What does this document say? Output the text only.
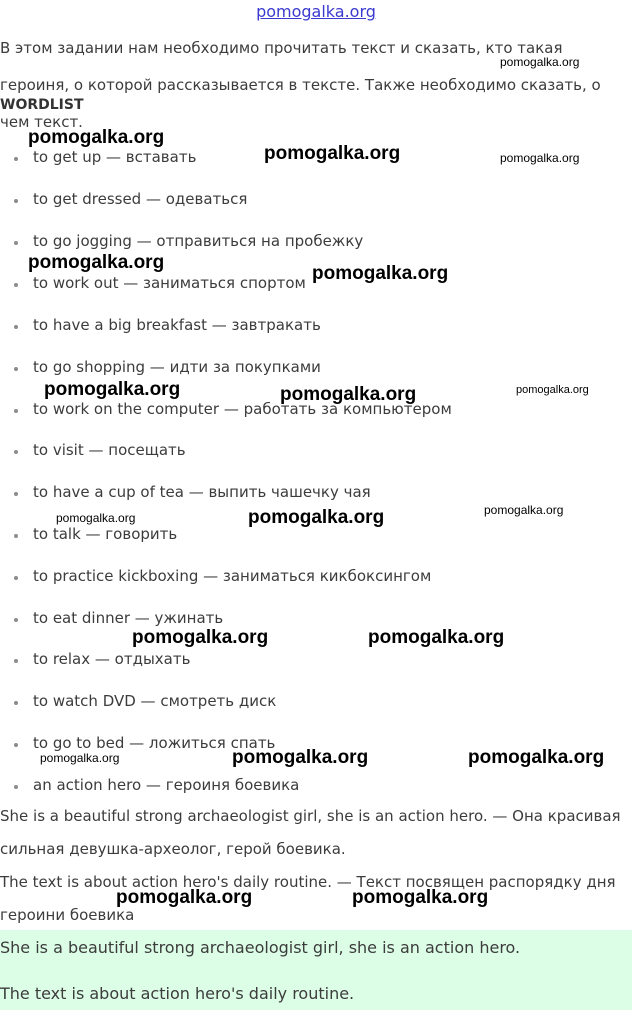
pomogalka.org
В этом задании нам необходимо прочитать текст и сказать, кто такая героиня, о которой рассказывается в тексте. Также необходимо сказать, о чем текст.
WORDLIST
to get up — вставать
to get dressed — одеваться
to go jogging — отправиться на пробежку
to work out — заниматься спортом
to have a big breakfast — завтракать
to go shopping — идти за покупками
to work on the computer — работать за компьютером
to visit — посещать
to have a cup of tea — выпить чашечку чая
to talk — говорить
to practice kickboxing — заниматься кикбоксингом
to eat dinner — ужинать
to relax — отдыхать
to watch DVD — смотреть диск
to go to bed — ложиться спать
an action hero — героиня боевика
She is a beautiful strong archaeologist girl, she is an action hero. — Она красивая сильная девушка-археолог, герой боевика.
The text is about action hero's daily routine. — Текст посвящен распорядку дня героини боевика
She is a beautiful strong archaeologist girl, she is an action hero.
The text is about action hero's daily routine.
pomogalka.org
pomogalka.org
pomogalka.org	pomogalka.org
pomogalka.org
pomogalka.org
pomogalka.org	pomogalka.org	pomogalka.org
pomogalka.org	pomogalka.org	pomogalka.org
pomogalka.org	pomogalka.org
pomogalka.org	pomogalka.org	pomogalka.org
pomogalka.org	pomogalka.org
